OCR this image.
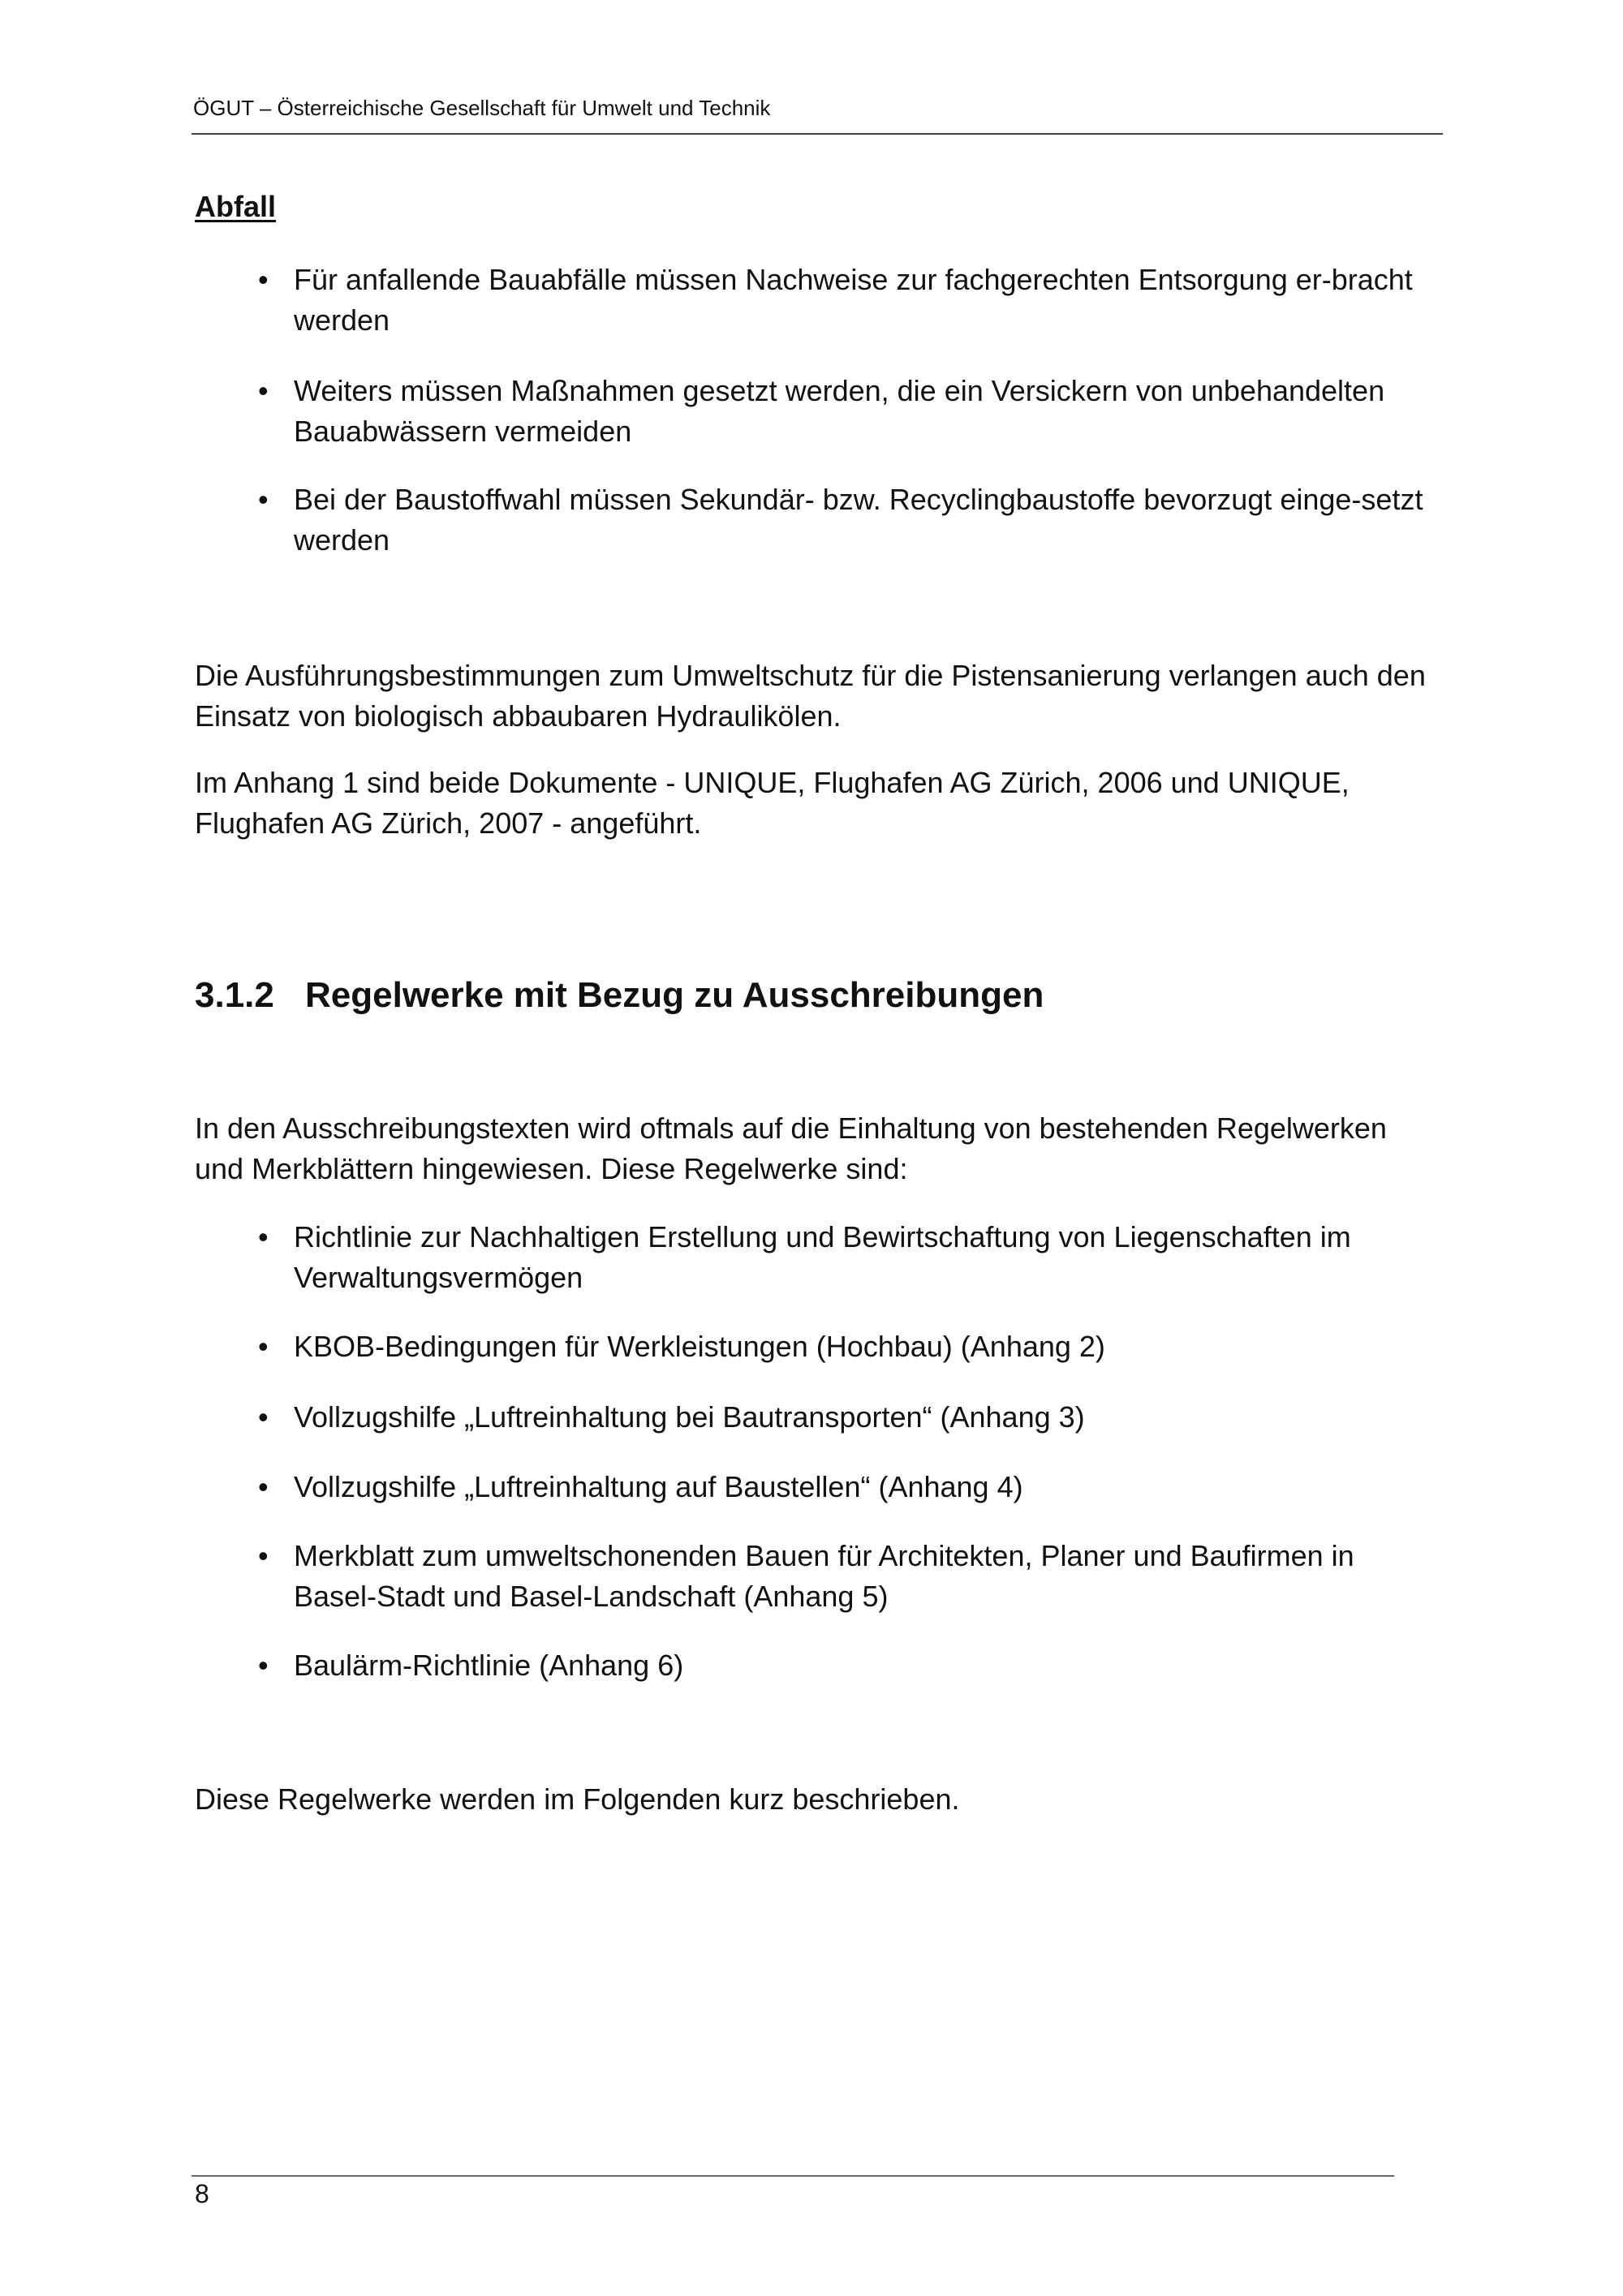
ÖGUT – Österreichische Gesellschaft für Umwelt und Technik
Abfall
• Für anfallende Bauabfälle müssen Nachweise zur fachgerechten Entsorgung er-bracht werden
• Weiters müssen Maßnahmen gesetzt werden, die ein Versickern von unbehandelten Bauabwässern vermeiden
• Bei der Baustoffwahl müssen Sekundär- bzw. Recyclingbaustoffe bevorzugt einge-setzt werden
Die Ausführungsbestimmungen zum Umweltschutz für die Pistensanierung verlangen auch den Einsatz von biologisch abbaubaren Hydraulikölen.
Im Anhang 1 sind beide Dokumente - UNIQUE, Flughafen AG Zürich, 2006 und UNIQUE, Flughafen AG Zürich, 2007 - angeführt.
3.1.2 Regelwerke mit Bezug zu Ausschreibungen
In den Ausschreibungstexten wird oftmals auf die Einhaltung von bestehenden Regelwerken und Merkblättern hingewiesen. Diese Regelwerke sind:
• Richtlinie zur Nachhaltigen Erstellung und Bewirtschaftung von Liegenschaften im Verwaltungsvermögen
• KBOB-Bedingungen für Werkleistungen (Hochbau) (Anhang 2)
• Vollzugshilfe „Luftreinhaltung bei Bautransporten“ (Anhang 3)
• Vollzugshilfe „Luftreinhaltung auf Baustellen“ (Anhang 4)
• Merkblatt zum umweltschonenden Bauen für Architekten, Planer und Baufirmen in Basel-Stadt und Basel-Landschaft (Anhang 5)
• Baulärm-Richtlinie (Anhang 6)
Diese Regelwerke werden im Folgenden kurz beschrieben.
8
